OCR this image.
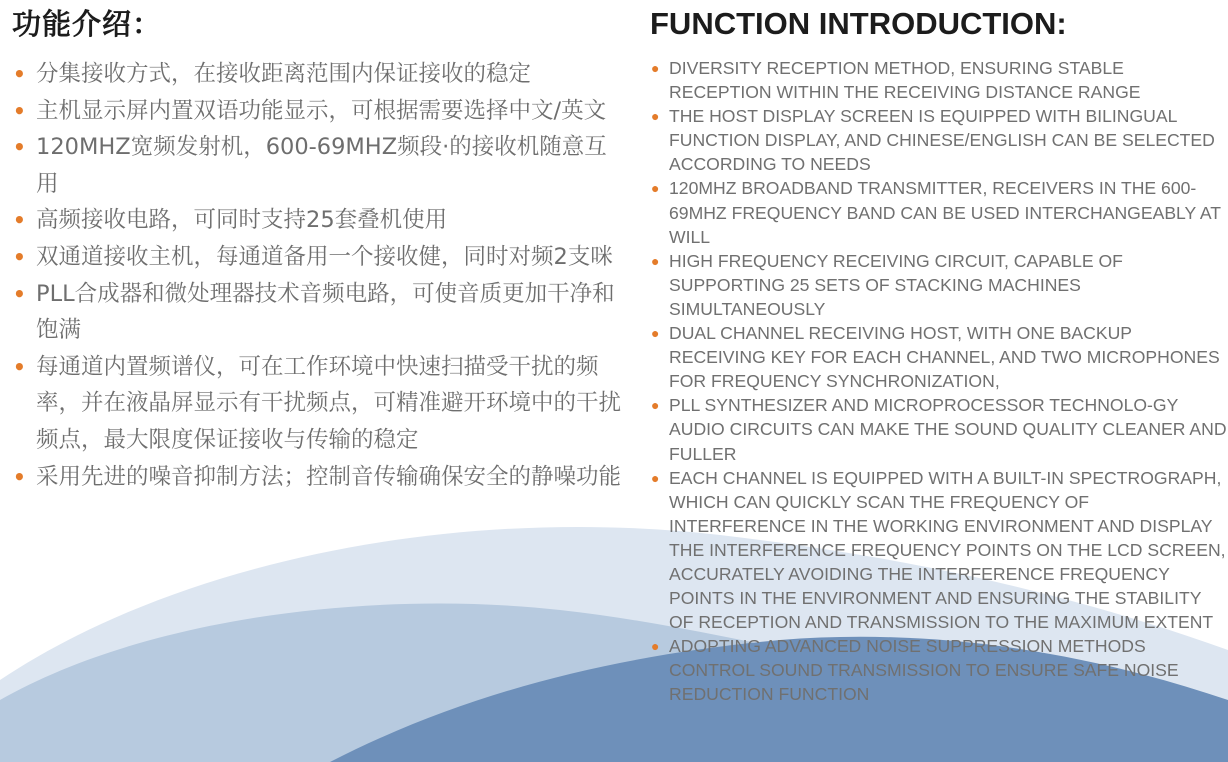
功能介绍：
• 分集接收方式，在接收距离范围内保证接收的稳定
• 主机显示屏内置双语功能显示，可根据需要选择中文/英文
• 120MHZ宽频发射机，600-69MHZ频段·的接收机随意互用
• 高频接收电路，可同时支持25套叠机使用
• 双通道接收主机，每通道备用一个接收健，同时对频2支咪
• PLL合成器和微处理器技术音频电路，可使音质更加干净和饱满
• 每通道内置频谱仪，可在工作环境中快速扫描受干扰的频率，并在液晶屏显示有干扰频点，可精准避开环境中的干扰频点，最大限度保证接收与传输的稳定
• 采用先进的噪音抑制方法；控制音传输确保安全的静噪功能
FUNCTION INTRODUCTION:
● DIVERSITY RECEPTION METHOD, ENSURING STABLE RECEPTION WITHIN THE RECEIVING DISTANCE RANGE
● THE HOST DISPLAY SCREEN IS EQUIPPED WITH BILINGUAL FUNCTION DISPLAY, AND CHINESE/ENGLISH CAN BE SELECTED ACCORDING TO NEEDS
● 120MHZ BROADBAND TRANSMITTER, RECEIVERS IN THE 600-69MHZ FREQUENCY BAND CAN BE USED INTERCHANGEABLY AT WILL
● HIGH FREQUENCY RECEIVING CIRCUIT, CAPABLE OF SUPPORTING 25 SETS OF STACKING MACHINES SIMULTANEOUSLY
● DUAL CHANNEL RECEIVING HOST, WITH ONE BACKUP RECEIVING KEY FOR EACH CHANNEL, AND TWO MICROPHONES FOR FREQUENCY SYNCHRONIZATION,
● PLL SYNTHESIZER AND MICROPROCESSOR TECHNOLO-GY AUDIO CIRCUITS CAN MAKE THE SOUND QUALITY CLEANER AND FULLER
● EACH CHANNEL IS EQUIPPED WITH A BUILT-IN SPECTROGRAPH, WHICH CAN QUICKLY SCAN THE FREQUENCY OF INTERFERENCE IN THE WORKING ENVIRONMENT AND DISPLAY THE INTERFERENCE FREQUENCY POINTS ON THE LCD SCREEN, ACCURATELY AVOIDING THE INTERFERENCE FREQUENCY POINTS IN THE ENVIRONMENT AND ENSURING THE STABILITY OF RECEPTION AND TRANSMISSION TO THE MAXIMUM EXTENT
● ADOPTING ADVANCED NOISE SUPPRESSION METHODS CONTROL SOUND TRANSMISSION TO ENSURE SAFE NOISE REDUCTION FUNCTION
